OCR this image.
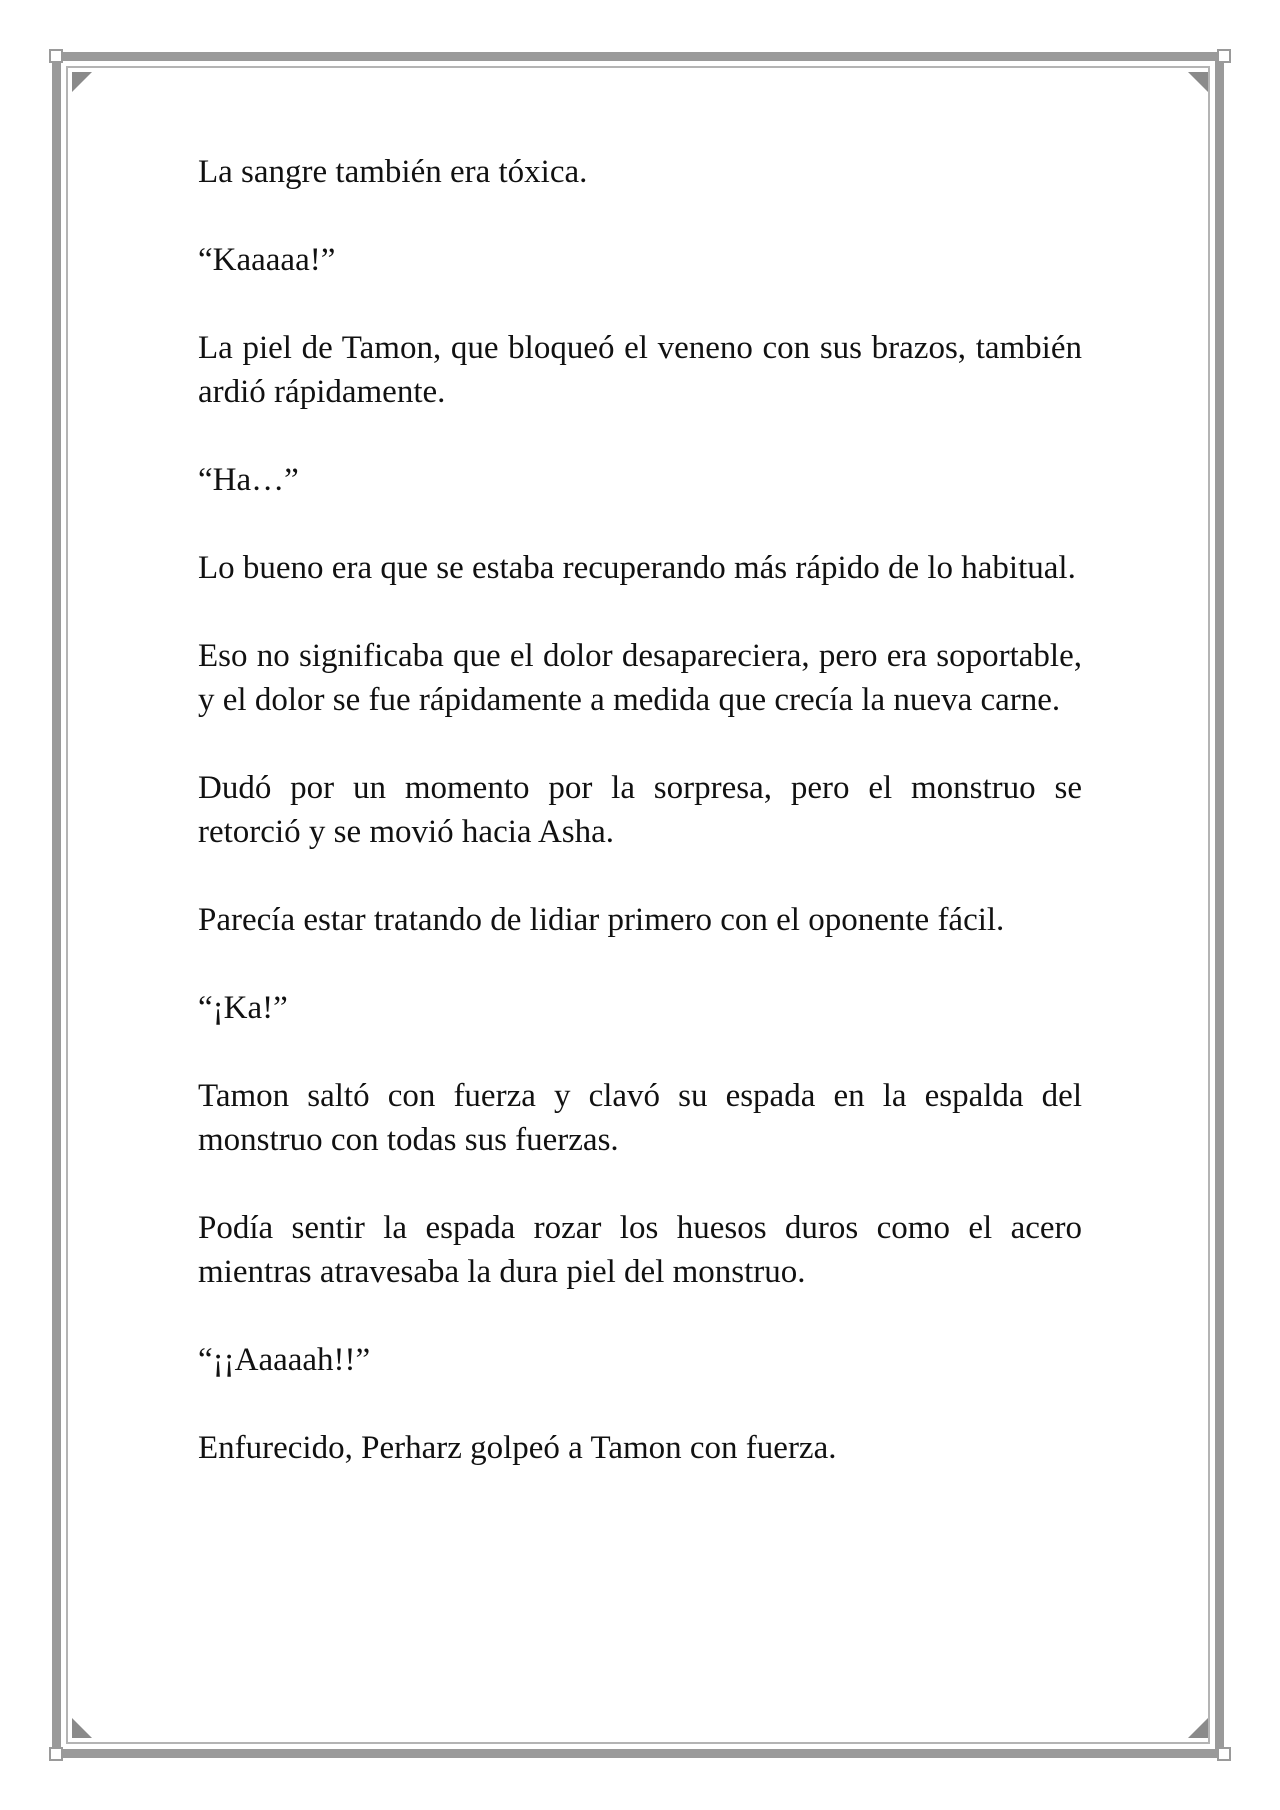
La sangre también era tóxica.

“Kaaaaa!”

La piel de Tamon, que bloqueó el veneno con sus brazos, también ardió rápidamente.

“Ha…”

Lo bueno era que se estaba recuperando más rápido de lo habitual.

Eso no significaba que el dolor desapareciera, pero era soportable, y el dolor se fue rápidamente a medida que crecía la nueva carne.

Dudó por un momento por la sorpresa, pero el monstruo se retorció y se movió hacia Asha.

Parecía estar tratando de lidiar primero con el oponente fácil.

“¡Ka!”

Tamon saltó con fuerza y clavó su espada en la espalda del monstruo con todas sus fuerzas.

Podía sentir la espada rozar los huesos duros como el acero mientras atravesaba la dura piel del monstruo.

“¡¡Aaaaah!!”

Enfurecido, Perharz golpeó a Tamon con fuerza.
